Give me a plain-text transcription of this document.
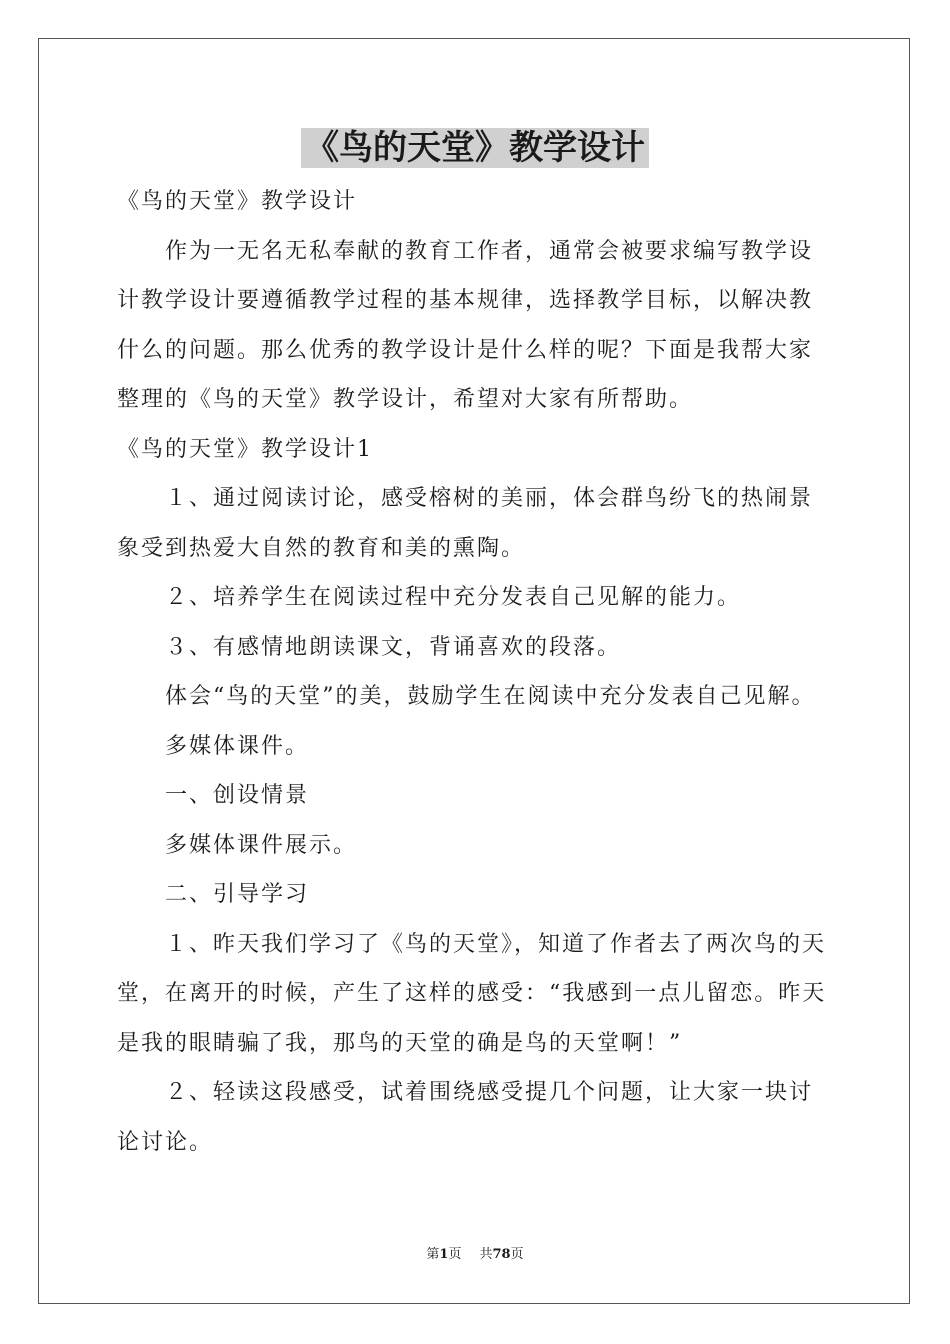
《鸟的天堂》教学设计

《鸟的天堂》教学设计

作为一无名无私奉献的教育工作者，通常会被要求编写教学设计教学设计要遵循教学过程的基本规律，选择教学目标，以解决教什么的问题。那么优秀的教学设计是什么样的呢？下面是我帮大家整理的《鸟的天堂》教学设计，希望对大家有所帮助。

《鸟的天堂》教学设计1

１、通过阅读讨论，感受榕树的美丽，体会群鸟纷飞的热闹景象受到热爱大自然的教育和美的熏陶。

２、培养学生在阅读过程中充分发表自己见解的能力。

３、有感情地朗读课文，背诵喜欢的段落。

体会“鸟的天堂”的美，鼓励学生在阅读中充分发表自己见解。

多媒体课件。

一、创设情景

多媒体课件展示。

二、引导学习

１、昨天我们学习了《鸟的天堂》，知道了作者去了两次鸟的天堂，在离开的时候，产生了这样的感受：“我感到一点儿留恋。昨天是我的眼睛骗了我，那鸟的天堂的确是鸟的天堂啊！”

２、轻读这段感受，试着围绕感受提几个问题，让大家一块讨论讨论。

第1页 共78页
